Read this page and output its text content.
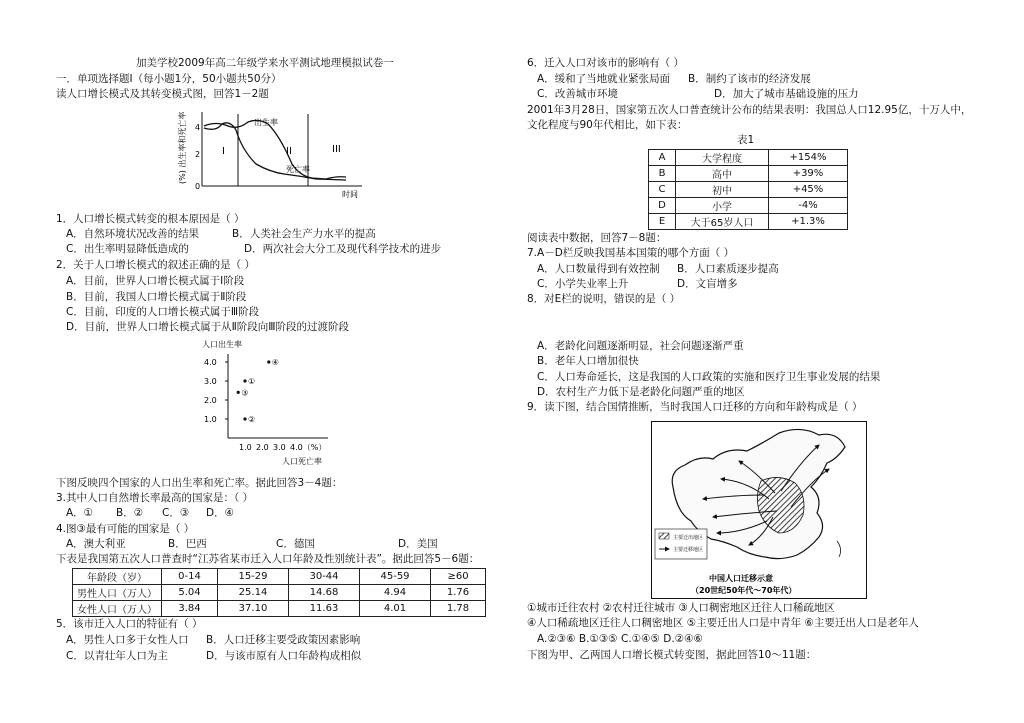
加美学校2009年高二年级学来水平测试地理模拟试卷一
一．单项选择题Ⅰ（每小题1分，50小题共50分）
读人口增长模式及其转变模式图，回答1－2题
(%) 出生率和死亡率 4
2
0
出生率
死亡率
I	II	III
时间
1．人口增长模式转变的根本原因是（ ）
A．自然环境状况改善的结果	B．人类社会生产力水平的提高
C．出生率明显降低造成的	D．两次社会大分工及现代科学技术的进步
2．关于人口增长模式的叙述正确的是（ ）
A．目前，世界人口增长模式属于Ⅰ阶段
B．目前，我国人口增长模式属于Ⅱ阶段
C．目前，印度的人口增长模式属于Ⅲ阶段
D．目前，世界人口增长模式属于从Ⅱ阶段向Ⅲ阶段的过渡阶段
人口出生率
4.0
3.0
2.0
1.0
1.0 2.0 3.0 4.0（%）
①
②
③
④
人口死亡率
下图反映四个国家的人口出生率和死亡率。据此回答3－4题：
3.其中人口自然增长率最高的国家是：（ ）
A．① B．② C．③ D．④
4.图③最有可能的国家是（ ）
A．澳大利亚	B．巴西	C．德国	D．美国
下表是我国第五次人口普查时“江苏省某市迁入人口年龄及性别统计表”。据此回答5－6题：
年龄段（岁）	0-14	15-29	30-44	45-59	≥60
男性人口（万人）	5.04	25.14	14.68	4.94	1.76
女性人口（万人）	3.84	37.10	11.63	4.01	1.78
5．该市迁入人口的特征有（ ）
A．男性人口多于女性人口 B．人口迁移主要受政策因素影响
C．以青壮年人口为主	D．与该市原有人口年龄构成相似
6．迁入人口对该市的影响有（ ）
A．缓和了当地就业紧张局面 B．制约了该市的经济发展
C．改善城市环境	D．加大了城市基础设施的压力
2001年3月28日，国家第五次人口普查统计公布的结果表明：我国总人口12.95亿，十万人中，
文化程度与90年代相比，如下表：
表1
A	大学程度	+154%
B	高中	+39%
C	初中	+45%
D	小学	-4%
E	大于65岁人口	+1.3%
阅读表中数据，回答7－8题：
7.A－D栏反映我国基本国策的哪个方面（ ）
A．人口数量得到有效控制 B．人口素质逐步提高
C．小学失业率上升	D．文盲增多
8．对E栏的说明，错误的是（ ）
A．老龄化问题逐渐明显，社会问题逐渐严重
B．老年人口增加很快
C．人口寿命延长，这是我国的人口政策的实施和医疗卫生事业发展的结果
D．农村生产力低下是老龄化问题严重的地区
9．读下图，结合国情推断，当时我国人口迁移的方向和年龄构成是（ ）
主要迁出地区
主要迁移地区
中国人口迁移示意
（20世纪50年代～70年代）
①城市迁往农村 ②农村迁往城市 ③人口稠密地区迁往人口稀疏地区
④人口稀疏地区迁往人口稠密地区 ⑤主要迁出人口是中青年 ⑥主要迁出人口是老年人
A.②③⑥ B.①③⑤ C.①④⑤ D.②④⑥
下图为甲、乙两国人口增长模式转变图，据此回答10～11题：
